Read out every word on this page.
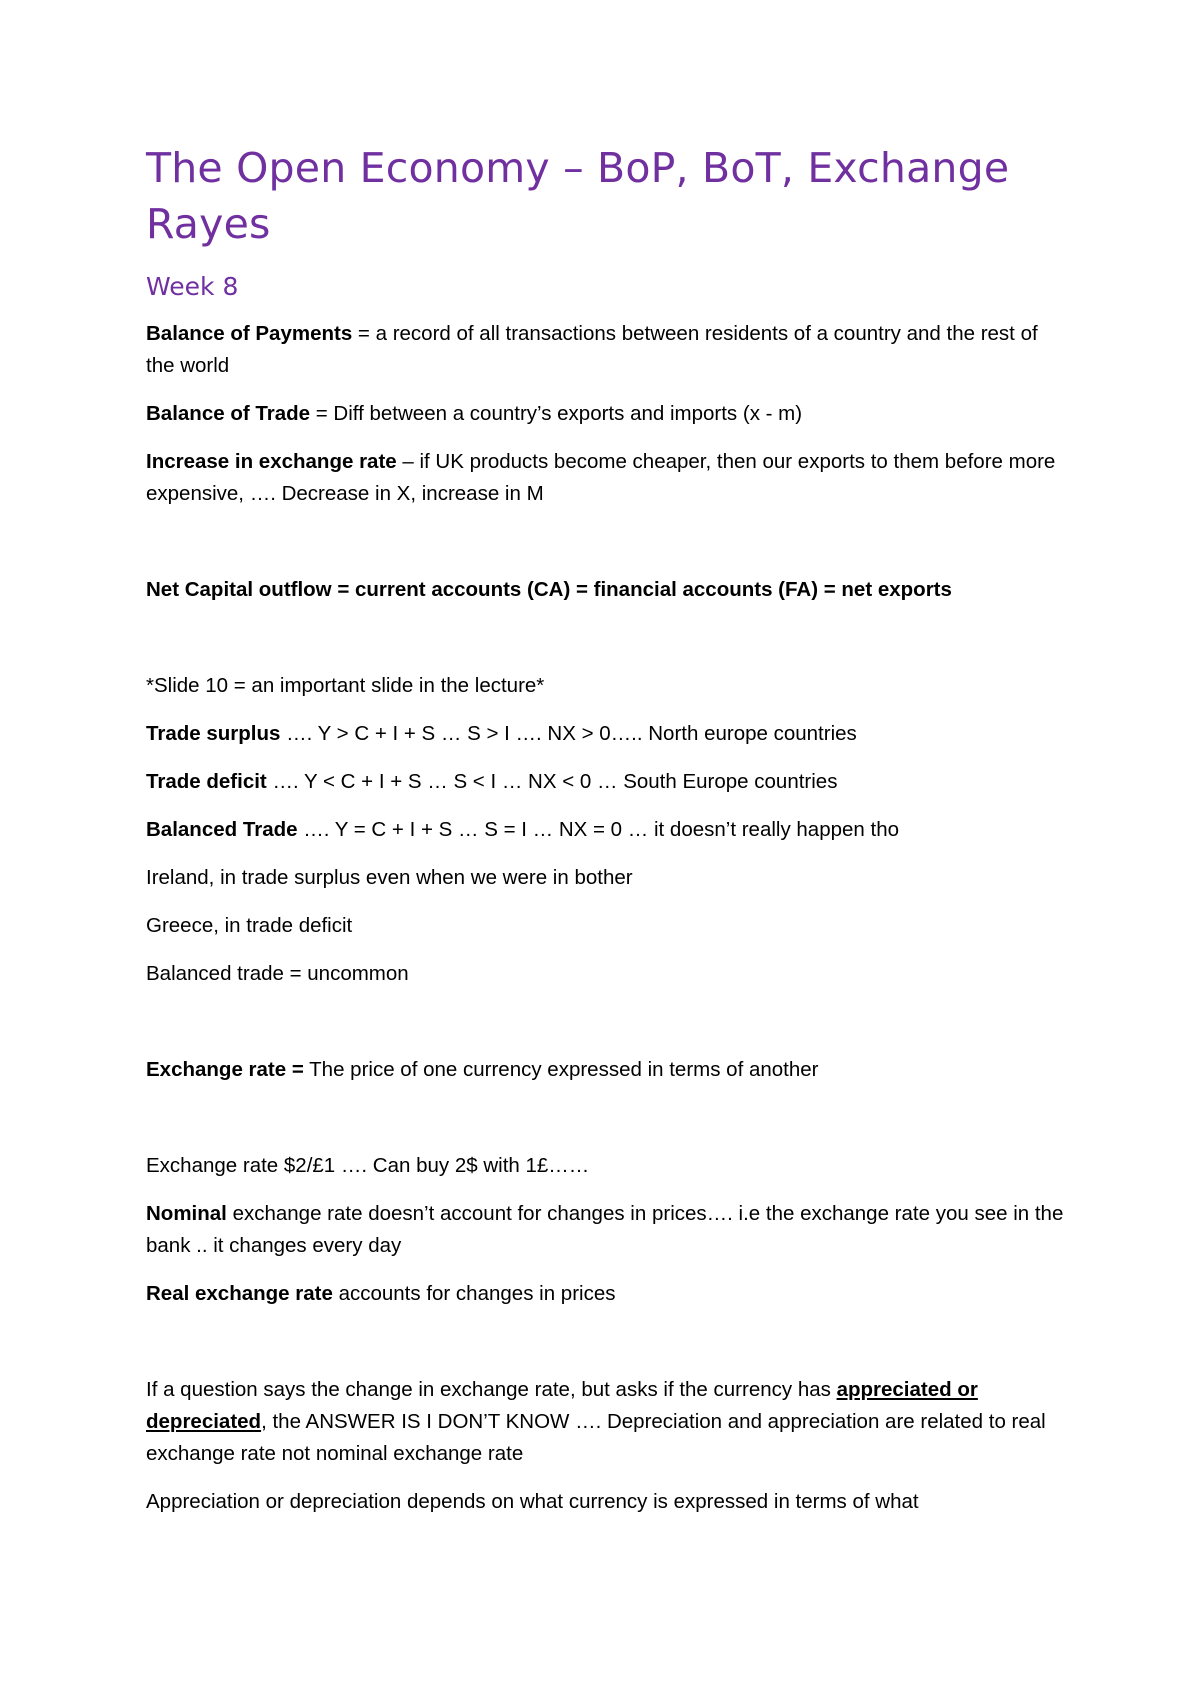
The Open Economy – BoP, BoT, Exchange Rayes
Week 8
Balance of Payments = a record of all transactions between residents of a country and the rest of the world
Balance of Trade = Diff between a country’s exports and imports (x - m)
Increase in exchange rate – if UK products become cheaper, then our exports to them before more expensive, …. Decrease in X, increase in M
Net Capital outflow = current accounts (CA) = financial accounts (FA) = net exports
*Slide 10 = an important slide in the lecture*
Trade surplus …. Y > C + I + S … S > I …. NX > 0….. North europe countries
Trade deficit …. Y < C + I + S … S < I … NX < 0 … South Europe countries
Balanced Trade …. Y = C + I + S … S = I … NX = 0 … it doesn’t really happen tho
Ireland, in trade surplus even when we were in bother
Greece, in trade deficit
Balanced trade = uncommon
Exchange rate = The price of one currency expressed in terms of another
Exchange rate $2/£1 …. Can buy 2$ with 1£……
Nominal exchange rate doesn’t account for changes in prices…. i.e the exchange rate you see in the bank .. it changes every day
Real exchange rate accounts for changes in prices
If a question says the change in exchange rate, but asks if the currency has appreciated or depreciated, the ANSWER IS I DON’T KNOW …. Depreciation and appreciation are related to real exchange rate not nominal exchange rate
Appreciation or depreciation depends on what currency is expressed in terms of what
